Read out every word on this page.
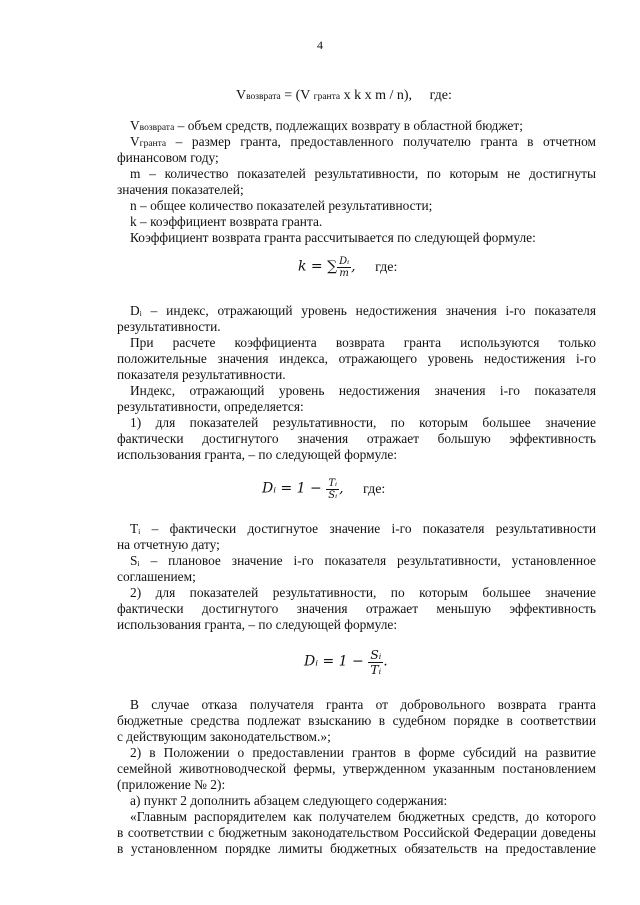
4
Vвозврата = (V гранта x k x m / n), где:
Vвозврата – объем средств, подлежащих возврату в областной бюджет;
Vгранта – размер гранта, предоставленного получателю гранта в отчетном
финансовом году;
m – количество показателей результативности, по которым не достигнуты
значения показателей;
n – общее количество показателей результативности;
k – коэффициент возврата гранта.
Коэффициент возврата гранта рассчитывается по следующей формуле:
k = ∑ $\frac{\text{Dᵢ}}{m}$ , где:
Dᵢ – индекс, отражающий уровень недостижения значения i-го показателя
результативности.
При расчете коэффициента возврата гранта используются только
положительные значения индекса, отражающего уровень недостижения i-го
показателя результативности.
Индекс, отражающий уровень недостижения значения i-го показателя
результативности, определяется:
1) для показателей результативности, по которым большее значение
фактически достигнутого значения отражает большую эффективность
использования гранта, – по следующей формуле:
Dᵢ = $1 - \frac{\text{Tᵢ}}{\text{Sᵢ}}$ , где:
Tᵢ – фактически достигнутое значение i-го показателя результативности
на отчетную дату;
Sᵢ – плановое значение i-го показателя результативности, установленное
соглашением;
2) для показателей результативности, по которым большее значение
фактически достигнутого значения отражает меньшую эффективность
использования гранта, – по следующей формуле:
Dᵢ = $1 - \frac{\text{Sᵢ}}{\text{Tᵢ}}$ .
В случае отказа получателя гранта от добровольного возврата гранта
бюджетные средства подлежат взысканию в судебном порядке в соответствии
с действующим законодательством.»;
2) в Положении о предоставлении грантов в форме субсидий на развитие
семейной животноводческой фермы, утвержденном указанным постановлением
(приложение № 2):
а) пункт 2 дополнить абзацем следующего содержания:
«Главным распорядителем как получателем бюджетных средств, до которого
в соответствии с бюджетным законодательством Российской Федерации доведены
в установленном порядке лимиты бюджетных обязательств на предоставление
